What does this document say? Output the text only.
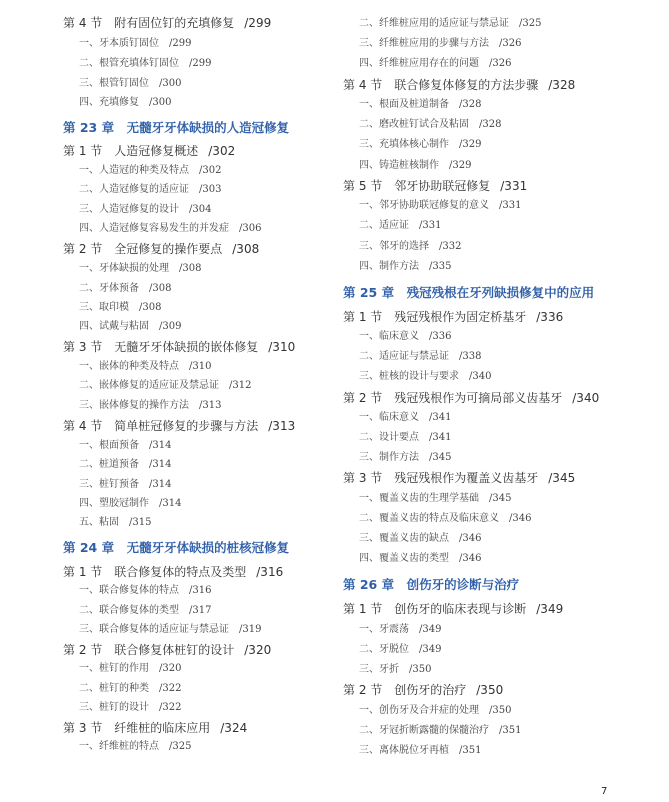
第 4 节　附有固位钉的充填修复 /299
一、牙本质钉固位 /299
二、根管充填体钉固位 /299
三、根管钉固位 /300
四、充填修复 /300
第 23 章　无髓牙牙体缺损的人造冠修复
第 1 节　人造冠修复概述 /302
一、人造冠的种类及特点 /302
二、人造冠修复的适应证 /303
三、人造冠修复的设计 /304
四、人造冠修复容易发生的并发症 /306
第 2 节　全冠修复的操作要点 /308
一、牙体缺损的处理 /308
二、牙体预备 /308
三、取印模 /308
四、试戴与粘固 /309
第 3 节　无髓牙牙体缺损的嵌体修复 /310
一、嵌体的种类及特点 /310
二、嵌体修复的适应证及禁忌证 /312
三、嵌体修复的操作方法 /313
第 4 节　简单桩冠修复的步骤与方法 /313
一、根面预备 /314
二、桩道预备 /314
三、桩钉预备 /314
四、塑胶冠制作 /314
五、粘固 /315
第 24 章　无髓牙牙体缺损的桩核冠修复
第 1 节　联合修复体的特点及类型 /316
一、联合修复体的特点 /316
二、联合修复体的类型 /317
三、联合修复体的适应证与禁忌证 /319
第 2 节　联合修复体桩钉的设计 /320
一、桩钉的作用 /320
二、桩钉的种类 /322
三、桩钉的设计 /322
第 3 节　纤维桩的临床应用 /324
一、纤维桩的特点 /325
二、纤维桩应用的适应证与禁忌证 /325
三、纤维桩应用的步骤与方法 /326
四、纤维桩应用存在的问题 /326
第 4 节　联合修复体修复的方法步骤 /328
一、根面及桩道制备 /328
二、磨改桩钉试合及粘固 /328
三、充填体核心制作 /329
四、铸造桩核制作 /329
第 5 节　邻牙协助联冠修复 /331
一、邻牙协助联冠修复的意义 /331
二、适应证 /331
三、邻牙的选择 /332
四、制作方法 /335
第 25 章　残冠残根在牙列缺损修复中的应用
第 1 节　残冠残根作为固定桥基牙 /336
一、临床意义 /336
二、适应证与禁忌证 /338
三、桩核的设计与要求 /340
第 2 节　残冠残根作为可摘局部义齿基牙 /340
一、临床意义 /341
二、设计要点 /341
三、制作方法 /345
第 3 节　残冠残根作为覆盖义齿基牙 /345
一、覆盖义齿的生理学基础 /345
二、覆盖义齿的特点及临床意义 /346
三、覆盖义齿的缺点 /346
四、覆盖义齿的类型 /346
第 26 章　创伤牙的诊断与治疗
第 1 节　创伤牙的临床表现与诊断 /349
一、牙震荡 /349
二、牙脱位 /349
三、牙折 /350
第 2 节　创伤牙的治疗 /350
一、创伤牙及合并症的处理 /350
二、牙冠折断露髓的保髓治疗 /351
三、离体脱位牙再植 /351
7
